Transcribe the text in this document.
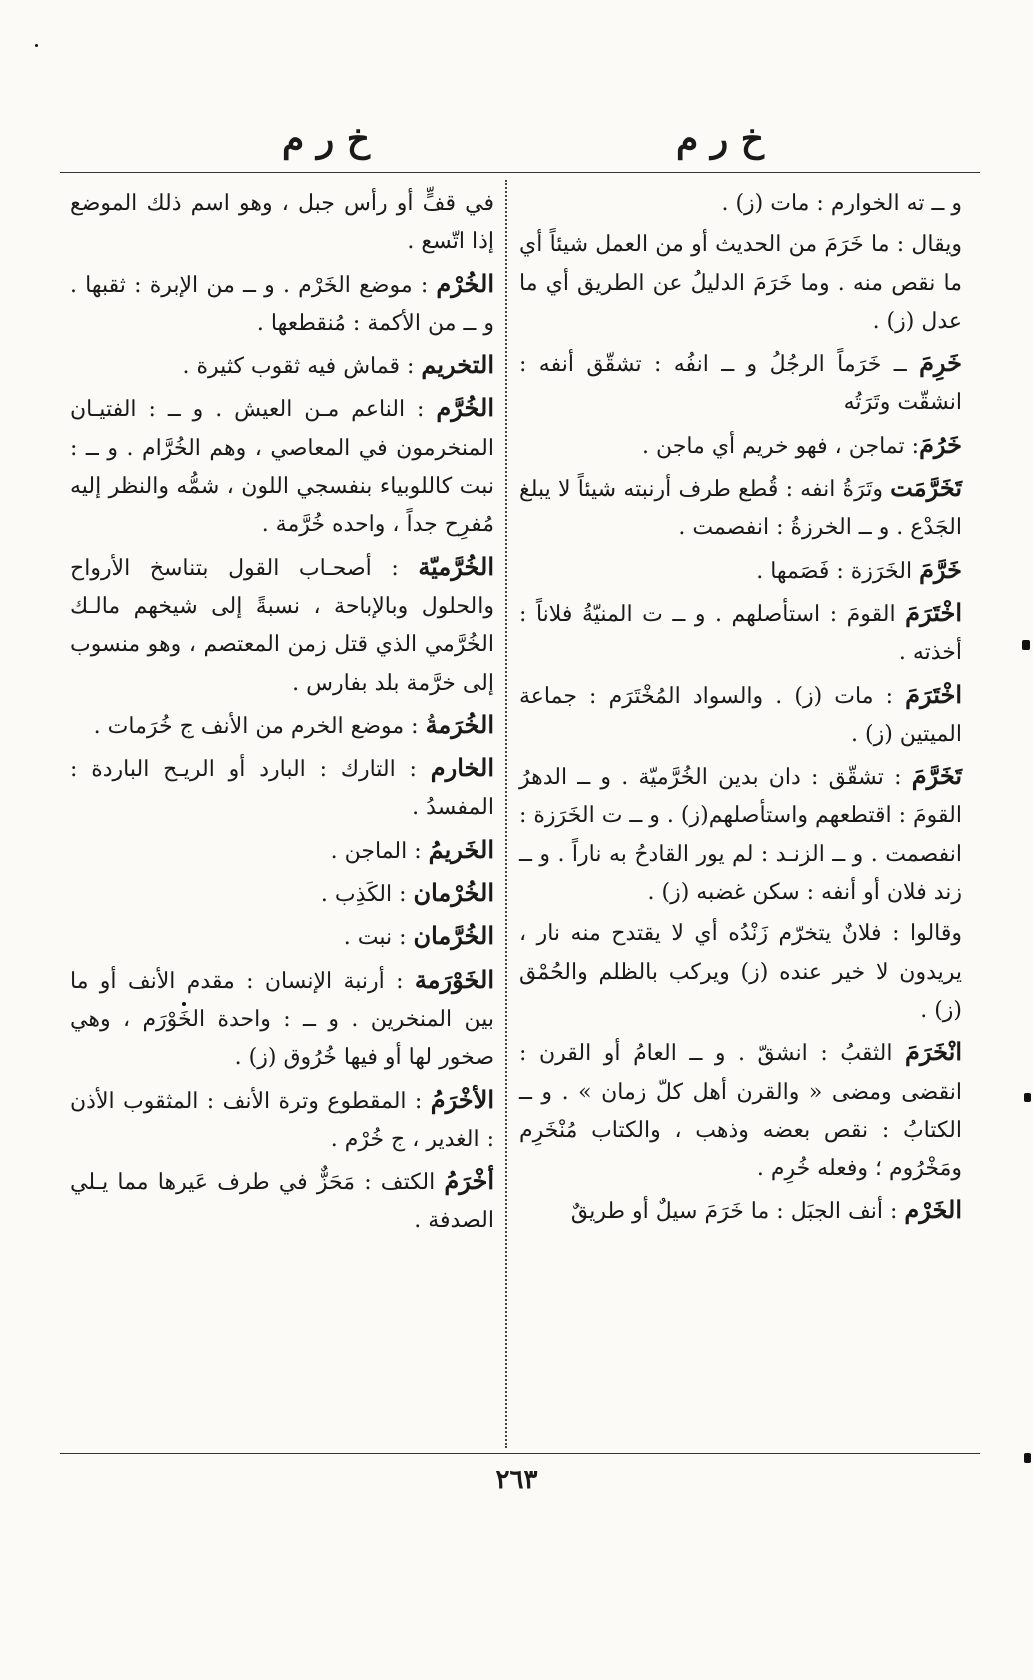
خ ر م
خ ر م

و ــ ته الخوارم : مات (ز) .

ويقال : ما خَرَمَ من الحديث أو من العمل شيئاً أي ما نقص منه . وما خَرَمَ الدليلُ عن الطريق أي ما عدل (ز) .

خَرِمَ ــ خَرَماً الرجُلُ و ــ انفُه : تشقّق أنفه : انشقّت وتَرَتُه

خَرُمَ: تماجن ، فهو خريم أي ماجن .

تَخَرَّمَت وتَرَةُ انفه : قُطع طرف أرنبته شيئاً لا يبلغ الجَدْع . و ــ الخرزةُ : انفصمت .

خَرَّمَ الخَرَزة : فَصَمها .

اخْتَرَمَ القومَ : استأصلهم . و ــ ت المنيّةُ فلاناً : أخذته .

اخْتَرَمَ : مات (ز) . والسواد المُخْتَرَم : جماعة الميتين (ز) .

تَخَرَّمَ : تشقّق : دان بدين الخُرَّميّة . و ــ الدهرُ القومَ : اقتطعهم واستأصلهم(ز) . و ــ ت الخَرَزة : انفصمت . و ــ الزنـد : لم يور القادحُ به ناراً . و ــ زند فلان أو أنفه : سكن غضبه (ز) .

وقالوا : فلانٌ يتخرّم زَنْدُه أي لا يقتدح منه نار ، يريدون لا خير عنده (ز) ويركب بالظلم والحُمْق (ز) .

انْخَرَمَ الثقبُ : انشقّ . و ــ العامُ أو القرن : انقضى ومضى « والقرن أهل كلّ زمان » . و ــ الكتابُ : نقص بعضه وذهب ، والكتاب مُنْخَرِم ومَخْرُوم ؛ وفعله خُرِم .

الخَرْم : أنف الجبَل : ما خَرَمَ سيلٌ أو طريقٌ

في قفٍّ أو رأس جبل ، وهو اسم ذلك الموضع إذا اتّسع .

الخُرْم : موضع الخَرْم . و ــ من الإبرة : ثقبها . و ــ من الأكمة : مُنقطعها .

التخريم : قماش فيه ثقوب كثيرة .

الخُرَّم : الناعم مـن العيش . و ــ : الفتيـان المنخرمون في المعاصي ، وهم الخُرَّام . و ــ : نبت كاللوبياء بنفسجي اللون ، شمُّه والنظر إليه مُفرِح جداً ، واحده خُرَّمة .

الخُرَّميّة : أصحـاب القول بتناسخ الأرواح والحلول وبالإباحة ، نسبةً إلى شيخهم مالـك الخُرَّمي الذي قتل زمن المعتصم ، وهو منسوب إلى خرَّمة بلد بفارس .

الخُرَمةُ : موضع الخرم من الأنف ج خُرَمات .

الخارم : التارك : البارد أو الريـح الباردة : المفسدُ .

الخَريمُ : الماجن .

الخُرْمان : الكَذِب .

الخُرَّمان : نبت .

الخَوْرَمة : أرنبة الإنسان : مقدم الأنف أو ما بين المنخرين . و ــ : واحدة الخَوْرَم ، وهي صخور لها أو فيها خُرُوق (ز) .

الأخْرَمُ : المقطوع وترة الأنف : المثقوب الأذن : الغدير ، ج خُرْم .

أخْرَمُ الكتف : مَحَزٌّ في طرف عَيرها مما يـلي الصدفة .

٢٦٣
